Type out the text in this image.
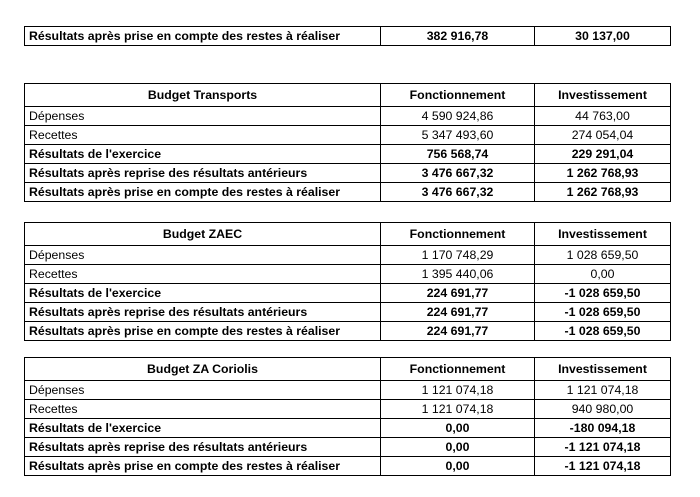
Résultats après prise en compte des restes à réaliser	382 916,78	30 137,00
Budget Transports	Fonctionnement	Investissement
Dépenses	4 590 924,86	44 763,00
Recettes	5 347 493,60	274 054,04
Résultats de l'exercice	756 568,74	229 291,04
Résultats après reprise des résultats antérieurs	3 476 667,32	1 262 768,93
Résultats après prise en compte des restes à réaliser	3 476 667,32	1 262 768,93
Budget ZAEC	Fonctionnement	Investissement
Dépenses	1 170 748,29	1 028 659,50
Recettes	1 395 440,06	0,00
Résultats de l'exercice	224 691,77	-1 028 659,50
Résultats après reprise des résultats antérieurs	224 691,77	-1 028 659,50
Résultats après prise en compte des restes à réaliser	224 691,77	-1 028 659,50
Budget ZA Coriolis	Fonctionnement	Investissement
Dépenses	1 121 074,18	1 121 074,18
Recettes	1 121 074,18	940 980,00
Résultats de l'exercice	0,00	-180 094,18
Résultats après reprise des résultats antérieurs	0,00	-1 121 074,18
Résultats après prise en compte des restes à réaliser	0,00	-1 121 074,18
